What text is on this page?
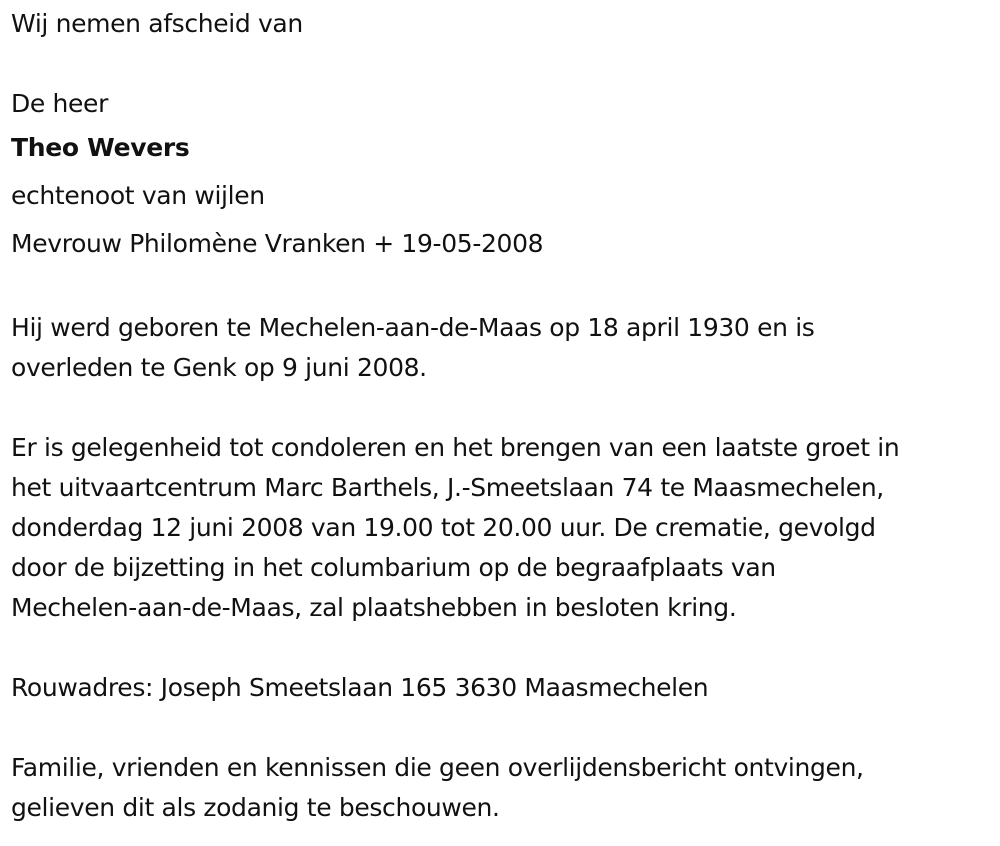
Wij nemen afscheid van
De heer
Theo Wevers
echtenoot van wijlen
Mevrouw Philomène Vranken + 19-05-2008
Hij werd geboren te Mechelen-aan-de-Maas op 18 april 1930 en is
overleden te Genk op 9 juni 2008.
Er is gelegenheid tot condoleren en het brengen van een laatste groet in
het uitvaartcentrum Marc Barthels, J.-Smeetslaan 74 te Maasmechelen,
donderdag 12 juni 2008 van 19.00 tot 20.00 uur. De crematie, gevolgd
door de bijzetting in het columbarium op de begraafplaats van
Mechelen-aan-de-Maas, zal plaatshebben in besloten kring.
Rouwadres: Joseph Smeetslaan 165 3630 Maasmechelen
Familie, vrienden en kennissen die geen overlijdensbericht ontvingen,
gelieven dit als zodanig te beschouwen.
